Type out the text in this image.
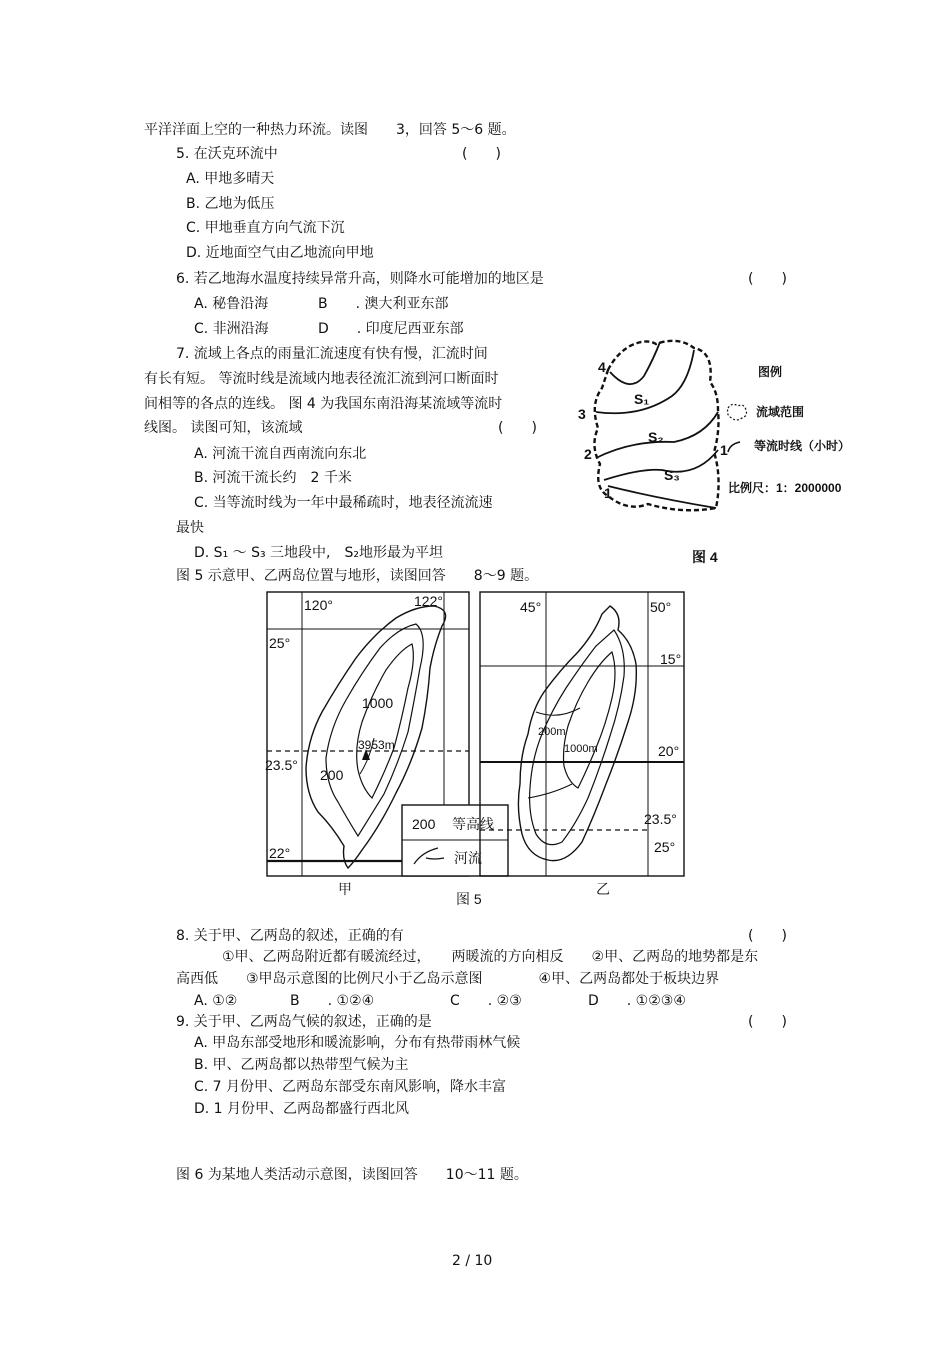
平洋洋面上空的一种热力环流。读图　　3，回答 5～6 题。
5. 在沃克环流中	(　　)
A. 甲地多晴天
B. 乙地为低压
C. 甲地垂直方向气流下沉
D. 近地面空气由乙地流向甲地
6. 若乙地海水温度持续异常升高，则降水可能增加的地区是	(　　)
A. 秘鲁沿海	B　　. 澳大利亚东部
C. 非洲沿海	D　　. 印度尼西亚东部
7. 流域上各点的雨量汇流速度有快有慢，汇流时间
有长有短。 等流时线是流域内地表径流汇流到河口断面时
间相等的各点的连线。 图 4 为我国东南沿海某流域等流时
线图。 读图可知，该流域	(　　)
A. 河流干流自西南流向东北
B. 河流干流长约　2 千米
C. 当等流时线为一年中最稀疏时，地表径流流速
最快
D. S₁ ～ S₃ 三地段中,　S₂地形最为平坦
图 5 示意甲、乙两岛位置与地形，读图回答　　8～9 题。
4
3
2
1
1
S₁
S₂
S₃
图例
流域范围
等流时线（小时）
比例尺：1：2000000
图 4
120°	122°
25°
23.5°
22°
1000
3953m
200
200 等高线
河流
甲
45°	50°
15°
20°
23.5°
25°
200m
1000m
乙
图 5
8. 关于甲、乙两岛的叙述，正确的有	(　　)
①甲、乙两岛附近都有暖流经过，　　两暖流的方向相反　　②甲、乙两岛的地势都是东
高西低　　③甲岛示意图的比例尺小于乙岛示意图　　　　④甲、乙两岛都处于板块边界
A. ①②	B　　. ①②④	C　　. ②③	D　　. ①②③④
9. 关于甲、乙两岛气候的叙述，正确的是	(　　)
A. 甲岛东部受地形和暖流影响，分布有热带雨林气候
B. 甲、乙两岛都以热带型气候为主
C. 7 月份甲、乙两岛东部受东南风影响，降水丰富
D. 1 月份甲、乙两岛都盛行西北风
图 6 为某地人类活动示意图，读图回答　　10～11 题。
2 / 10
